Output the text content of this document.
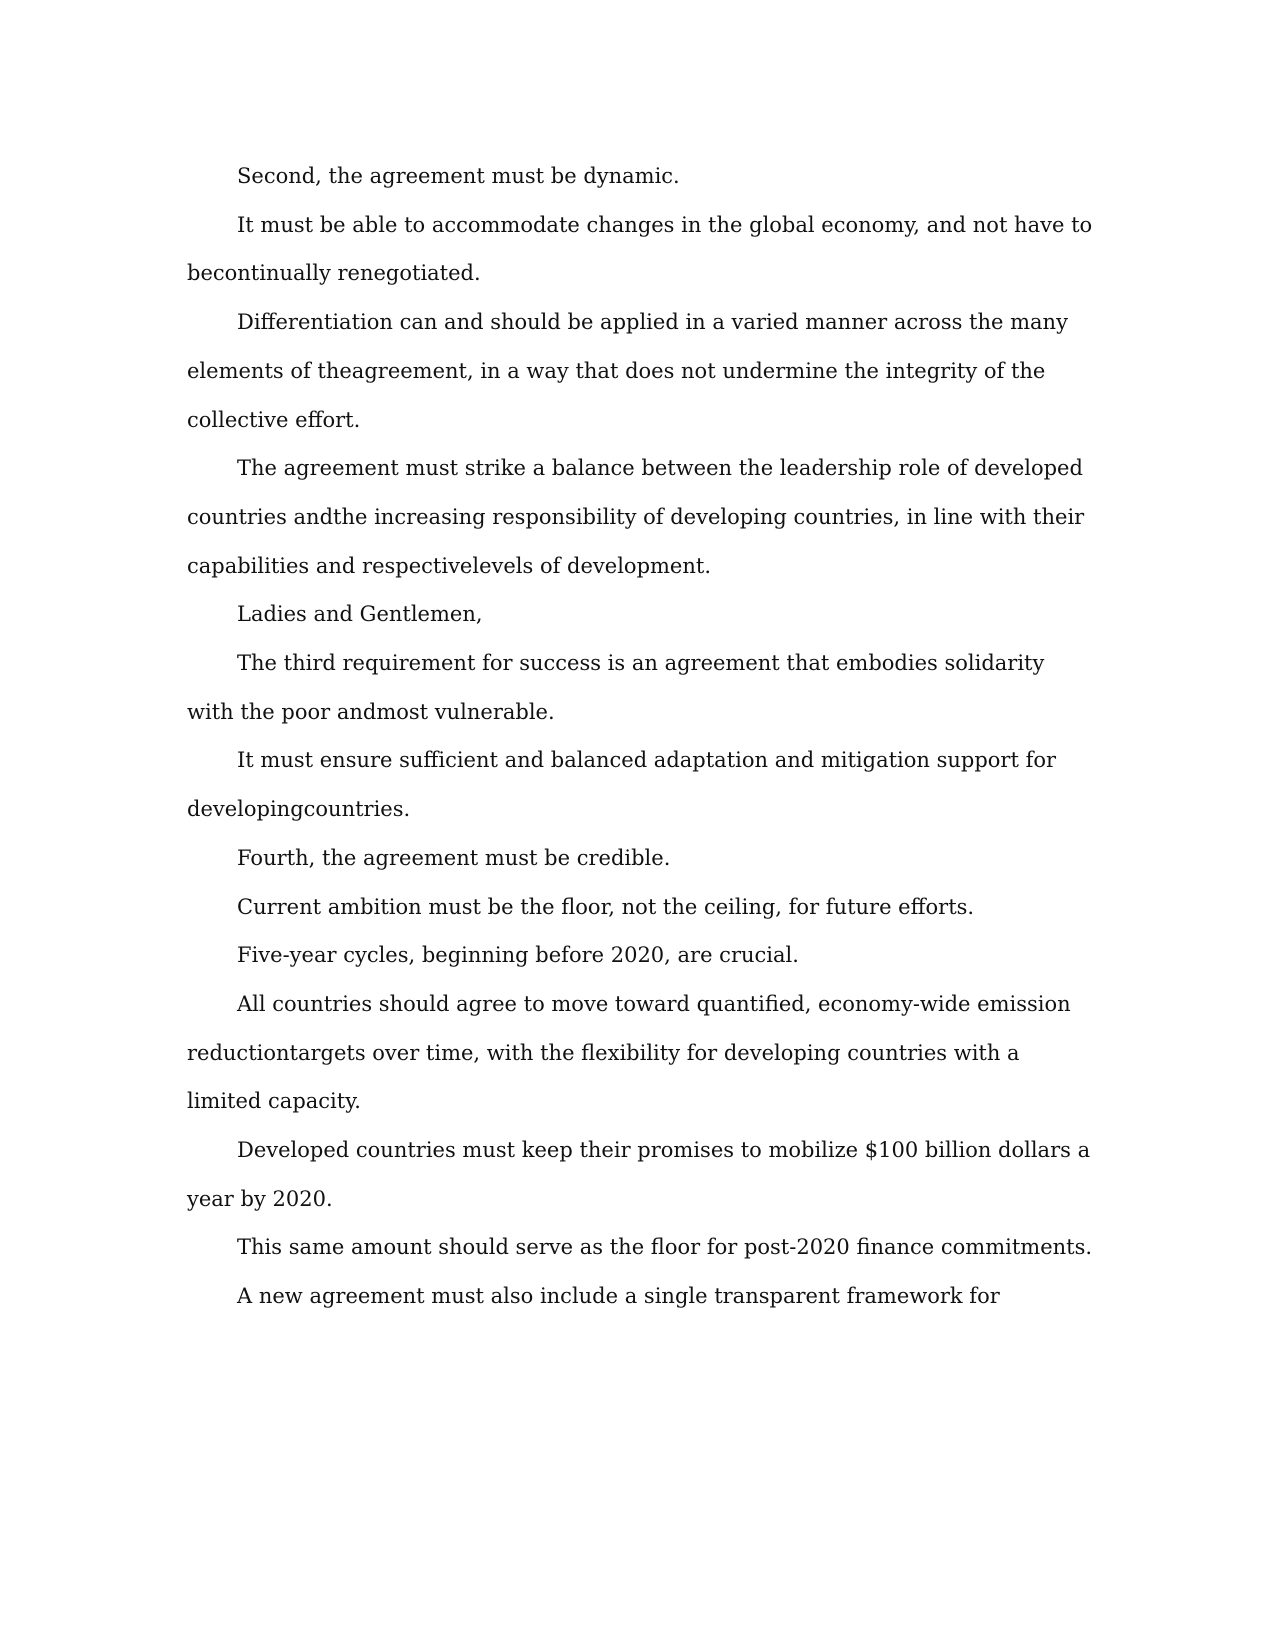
Second, the agreement must be dynamic.

It must be able to accommodate changes in the global economy, and not have to becontinually renegotiated.

Differentiation can and should be applied in a varied manner across the many elements of theagreement, in a way that does not undermine the integrity of the collective effort.

The agreement must strike a balance between the leadership role of developed countries andthe increasing responsibility of developing countries, in line with their capabilities and respectivelevels of development.

Ladies and Gentlemen,

The third requirement for success is an agreement that embodies solidarity with the poor andmost vulnerable.

It must ensure sufficient and balanced adaptation and mitigation support for developingcountries.

Fourth, the agreement must be credible.

Current ambition must be the floor, not the ceiling, for future efforts.

Five-year cycles, beginning before 2020, are crucial.

All countries should agree to move toward quantified, economy-wide emission reductiontargets over time, with the flexibility for developing countries with a limited capacity.

Developed countries must keep their promises to mobilize $100 billion dollars a year by 2020.

This same amount should serve as the floor for post-2020 finance commitments.

A new agreement must also include a single transparent framework for
